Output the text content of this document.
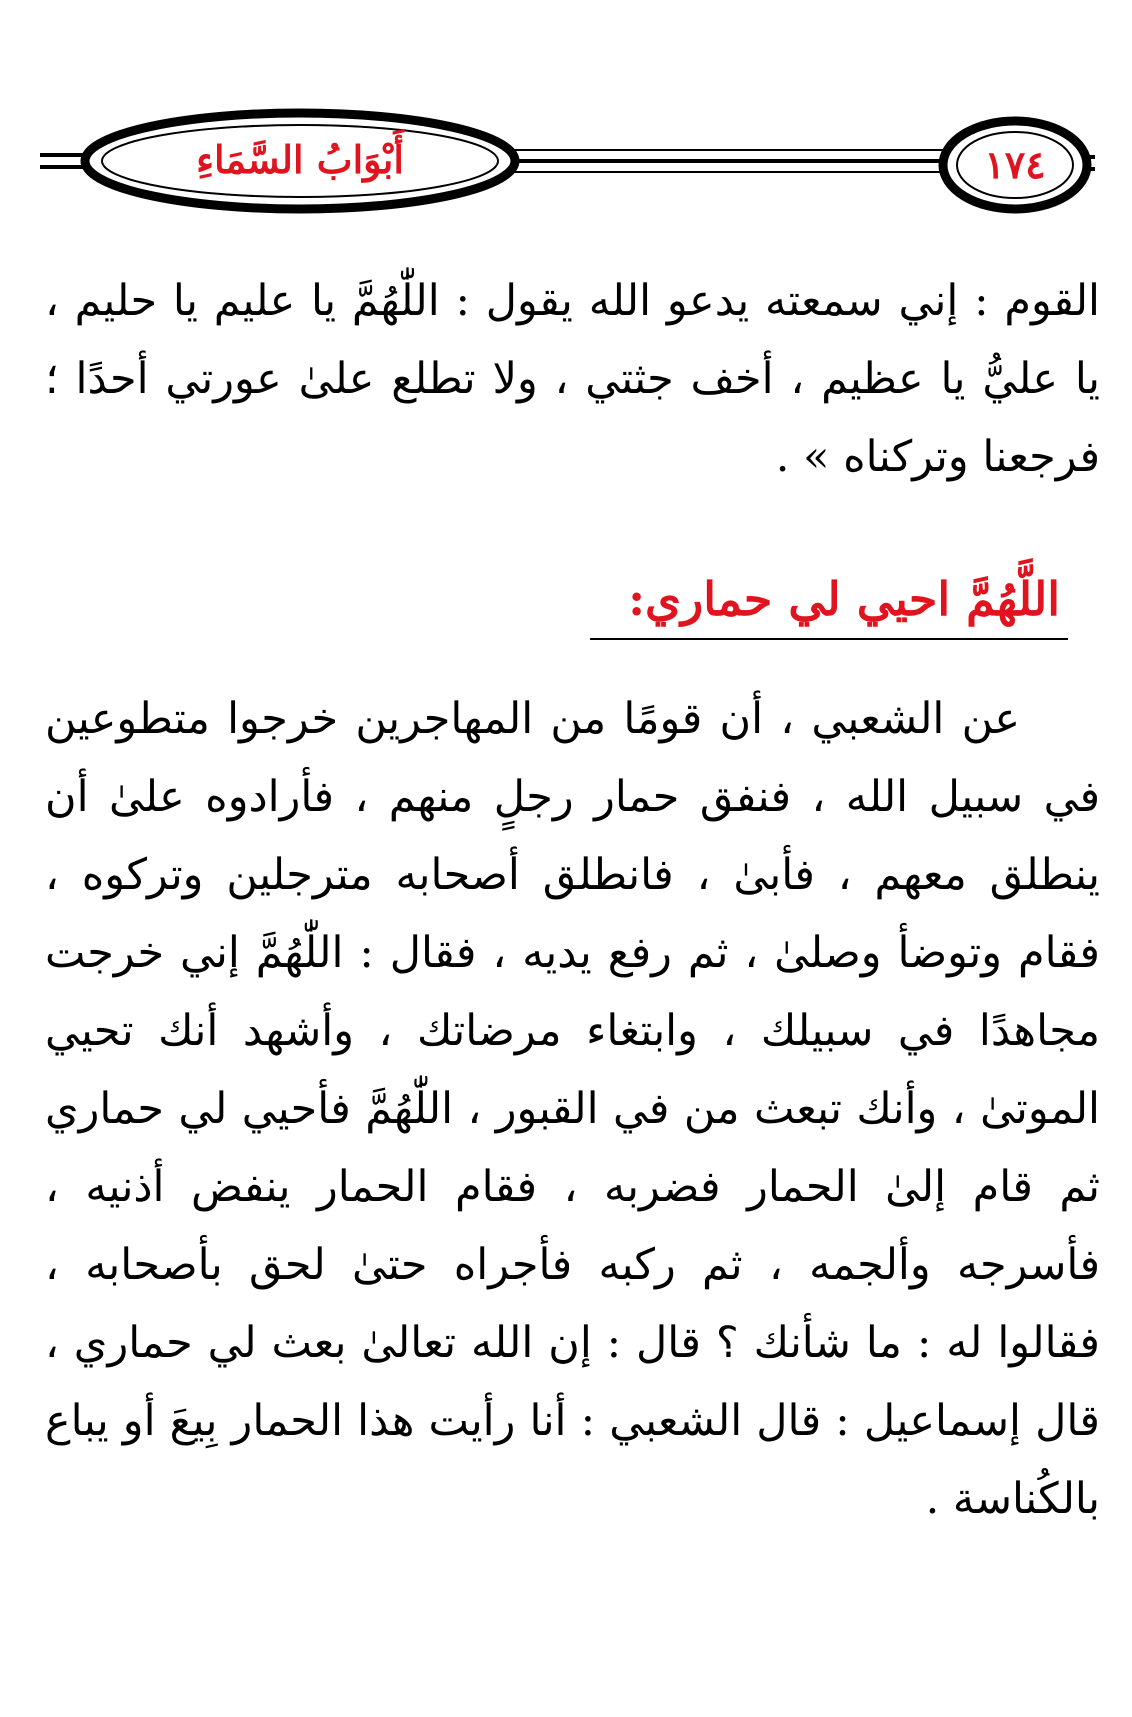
أَبْوَابُ السَّمَاءِ	١٧٤

القوم : إني سمعته يدعو الله يقول : اللّٰهُمَّ يا عليم يا حليم ، يا عليُّ يا عظيم ، أخف جثتي ، ولا تطلع علىٰ عورتي أحدًا ؛ فرجعنا وتركناه » .

اللَّهُمَّ احيي لي حماري:

عن الشعبي ، أن قومًا من المهاجرين خرجوا متطوعين في سبيل الله ، فنفق حمار رجلٍ منهم ، فأرادوه علىٰ أن ينطلق معهم ، فأبىٰ ، فانطلق أصحابه مترجلين وتركوه ، فقام وتوضأ وصلىٰ ، ثم رفع يديه ، فقال : اللّٰهُمَّ إني خرجت مجاهدًا في سبيلك ، وابتغاء مرضاتك ، وأشهد أنك تحيي الموتىٰ ، وأنك تبعث من في القبور ، اللّٰهُمَّ فأحيي لي حماري ثم قام إلىٰ الحمار فضربه ، فقام الحمار ينفض أذنيه ، فأسرجه وألجمه ، ثم ركبه فأجراه حتىٰ لحق بأصحابه ، فقالوا له : ما شأنك ؟ قال : إن الله تعالىٰ بعث لي حماري ، قال إسماعيل : قال الشعبي : أنا رأيت هذا الحمار بِيعَ أو يباع بالكُناسة .
